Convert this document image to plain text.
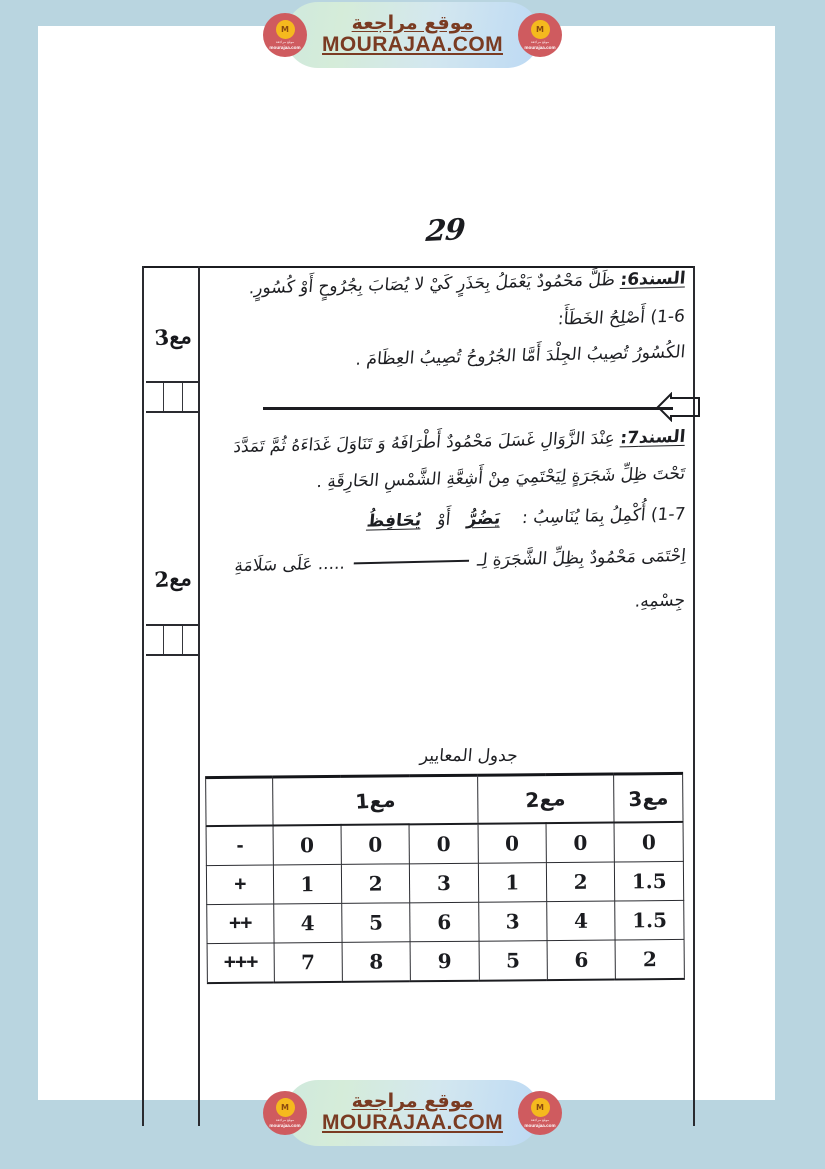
29
مع3
مع2
السند6: ظَلَّ مَحْمُودٌ يَعْمَلُ بِحَذَرٍ كَيْ لا يُصَابَ بِجُرُوحٍ أَوْ كُسُورٍ.
1-6) أَصْلِحُ الخَطَأَ:
الكُسُورُ تُصِيبُ الجِلْدَ أَمَّا الجُرُوحُ تُصِيبُ العِظَامَ .
السند7: عِنْدَ الزَّوَالِ غَسَلَ مَحْمُودٌ أَطْرَافَهُ وَ تَنَاوَلَ غَدَاءَهُ ثُمَّ تَمَدَّدَ
تَحْتَ ظِلِّ شَجَرَةٍ لِيَحْتَمِيَ مِنْ أَشِعَّةِ الشَّمْسِ الحَارِقَةِ .
1-7) أُكْمِلُ بِمَا يُنَاسِبُ :    يَضُرُّ   أَوْ   يُحَافِظُ
اِحْتَمَى مَحْمُودٌ بِظِلِّ الشَّجَرَةِ لِـ  ..... عَلَى سَلَامَةِ
جِسْمِهِ.
جدول المعايير
مع3	مع2		مع1			
0	0	0	0	0	0	-
1.5	2	1	3	2	1	+
1.5	4	3	6	5	4	++
2	6	5	9	8	7	+++
M
موقع مراجعة
mourajaa.com
موقع مراجعة
MOURAJAA.COM
M
موقع مراجعة
mourajaa.com
M
موقع مراجعة
mourajaa.com
موقع مراجعة
MOURAJAA.COM
M
موقع مراجعة
mourajaa.com
